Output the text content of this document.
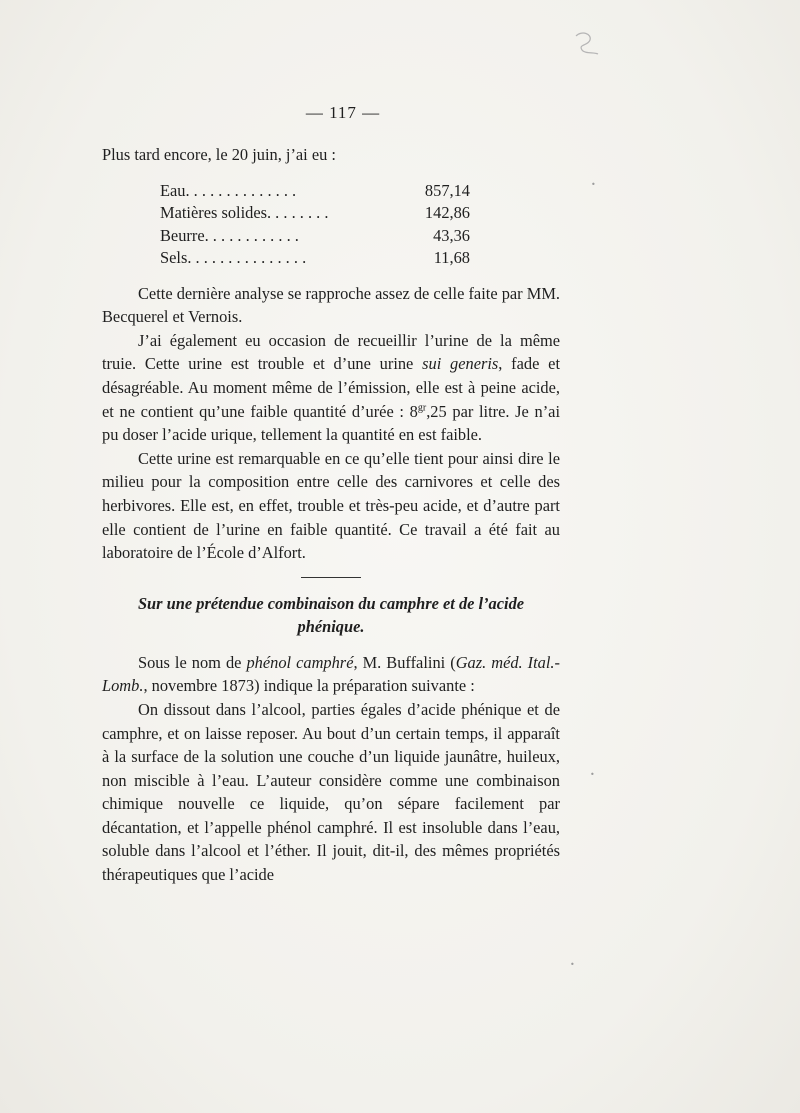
— 117 —

Plus tard encore, le 20 juin, j’ai eu :

Eau. . . . . . . . . . . . . .	857,14
Matières solides. . . . . . . .	142,86
Beurre. . . . . . . . . . . .	43,36
Sels. . . . . . . . . . . . . . .	11,68

Cette dernière analyse se rapproche assez de celle faite par MM. Becquerel et Vernois.

J’ai également eu occasion de recueillir l’urine de la même truie. Cette urine est trouble et d’une urine sui generis, fade et désagréable. Au moment même de l’émission, elle est à peine acide, et ne contient qu’une faible quantité d’urée : $8^{gr},25$ par litre. Je n’ai pu doser l’acide urique, tellement la quantité en est faible.

Cette urine est remarquable en ce qu’elle tient pour ainsi dire le milieu pour la composition entre celle des carnivores et celle des herbivores. Elle est, en effet, trouble et très-peu acide, et d’autre part elle contient de l’urine en faible quantité. Ce travail a été fait au laboratoire de l’École d’Alfort.

Sur une prétendue combinaison du camphre et de l’acide
phénique.

Sous le nom de phénol camphré, M. Buffalini (Gaz. méd. Ital.-Lomb., novembre 1873) indique la préparation suivante :

On dissout dans l’alcool, parties égales d’acide phénique et de camphre, et on laisse reposer. Au bout d’un certain temps, il apparaît à la surface de la solution une couche d’un liquide jaunâtre, huileux, non miscible à l’eau. L’auteur considère comme une combinaison chimique nouvelle ce liquide, qu’on sépare facilement par décantation, et l’appelle phénol camphré. Il est insoluble dans l’eau, soluble dans l’alcool et l’éther. Il jouit, dit-il, des mêmes propriétés thérapeutiques que l’acide

•
•
•
